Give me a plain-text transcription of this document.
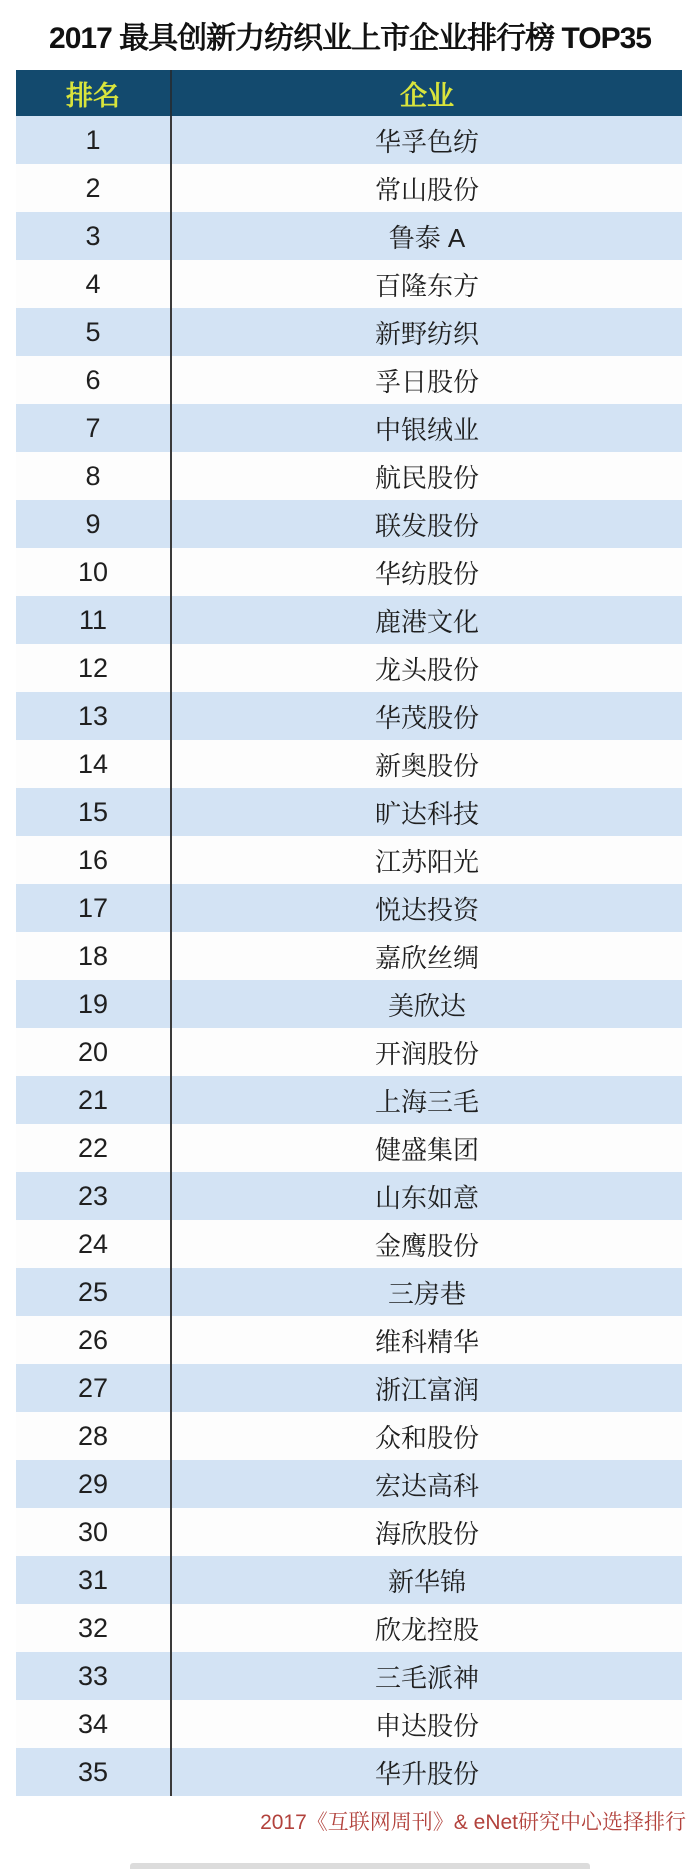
2017 最具创新力纺织业上市企业排行榜 TOP35
排名	企业
1	华孚色纺
2	常山股份
3	鲁泰 A
4	百隆东方
5	新野纺织
6	孚日股份
7	中银绒业
8	航民股份
9	联发股份
10	华纺股份
11	鹿港文化
12	龙头股份
13	华茂股份
14	新奥股份
15	旷达科技
16	江苏阳光
17	悦达投资
18	嘉欣丝绸
19	美欣达
20	开润股份
21	上海三毛
22	健盛集团
23	山东如意
24	金鹰股份
25	三房巷
26	维科精华
27	浙江富润
28	众和股份
29	宏达高科
30	海欣股份
31	新华锦
32	欣龙控股
33	三毛派神
34	申达股份
35	华升股份
2017《互联网周刊》& eNet研究中心选择排行
